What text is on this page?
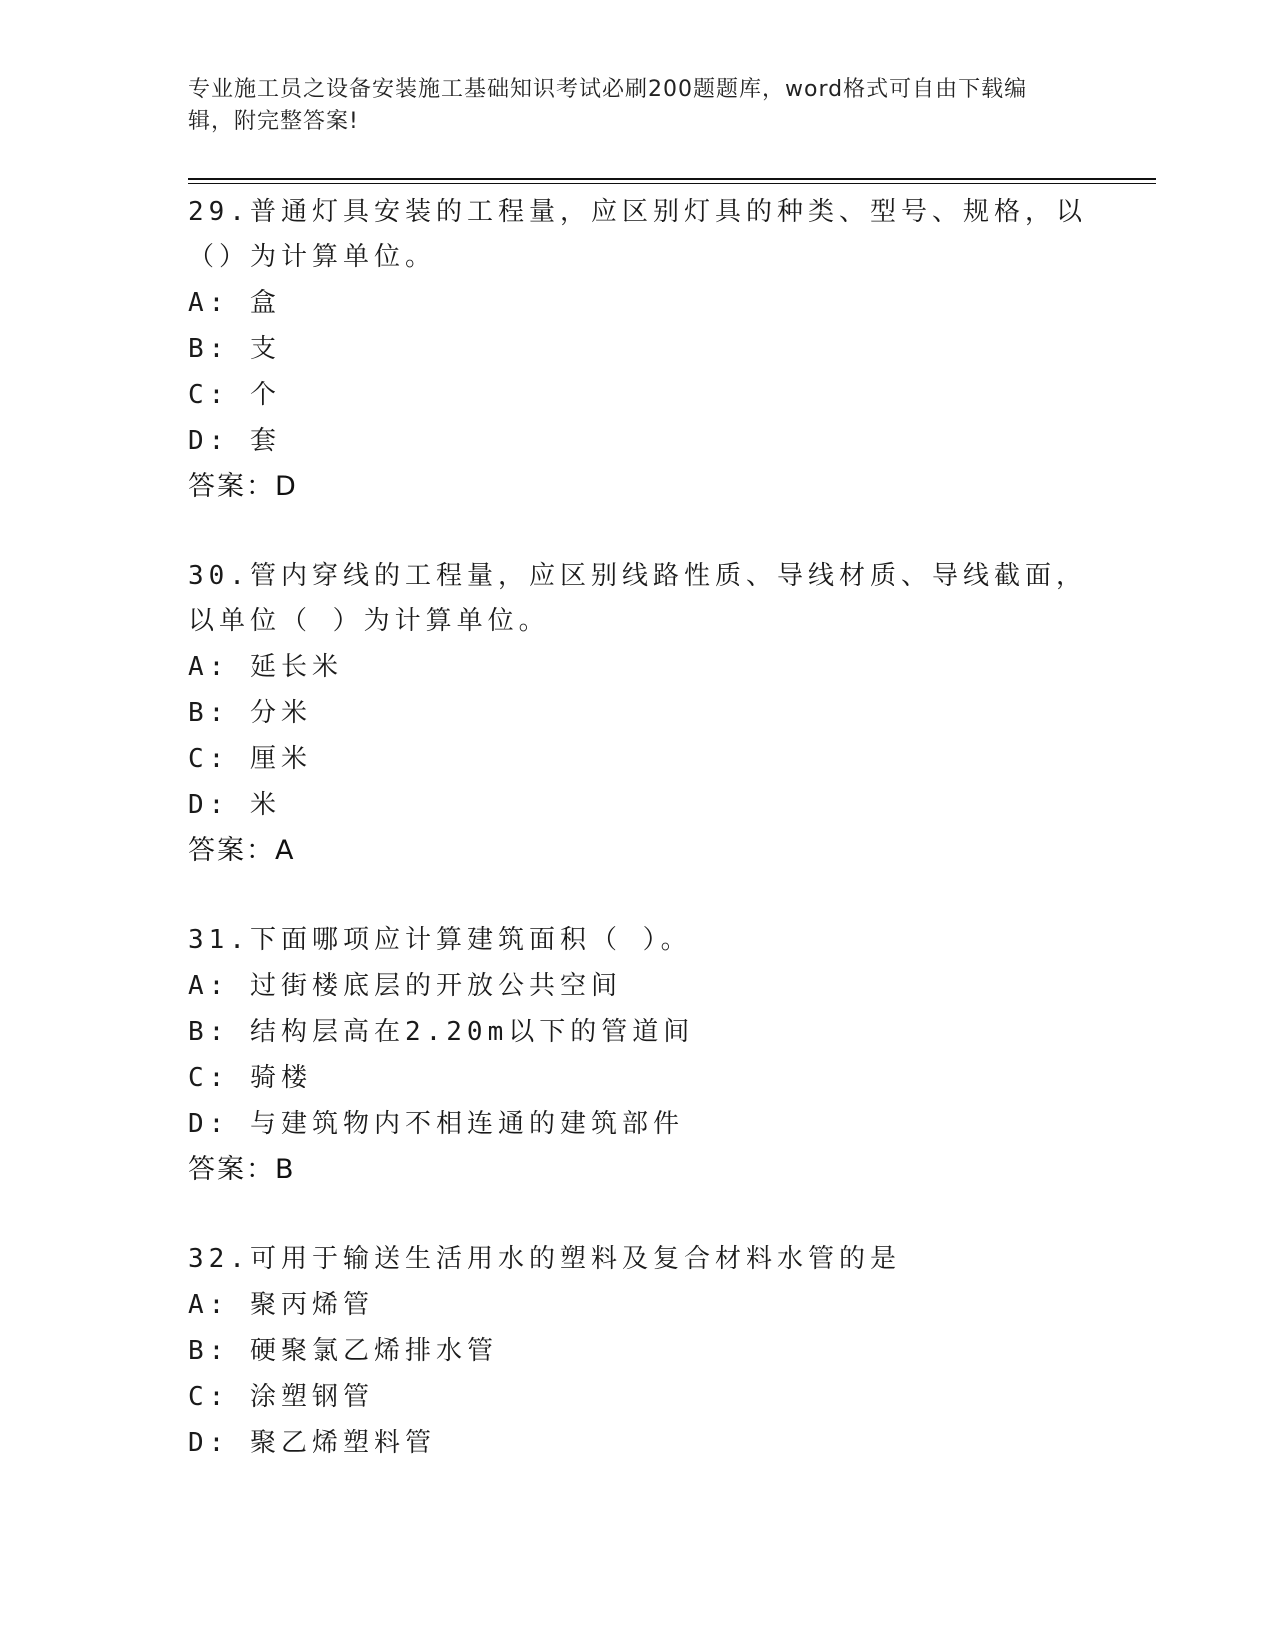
专业施工员之设备安装施工基础知识考试必刷200题题库，word格式可自由下载编辑，附完整答案!

29.普通灯具安装的工程量，应区别灯具的种类、型号、规格，以（）为计算单位。

A: 盒

B: 支

C: 个

D: 套

答案：D

30.管内穿线的工程量，应区别线路性质、导线材质、导线截面，以单位（ ）为计算单位。

A: 延长米

B: 分米

C: 厘米

D: 米

答案：A

31.下面哪项应计算建筑面积（ ）。

A: 过街楼底层的开放公共空间

B: 结构层高在2.20m以下的管道间

C: 骑楼

D: 与建筑物内不相连通的建筑部件

答案：B

32.可用于输送生活用水的塑料及复合材料水管的是

A: 聚丙烯管

B: 硬聚氯乙烯排水管

C: 涂塑钢管

D: 聚乙烯塑料管
